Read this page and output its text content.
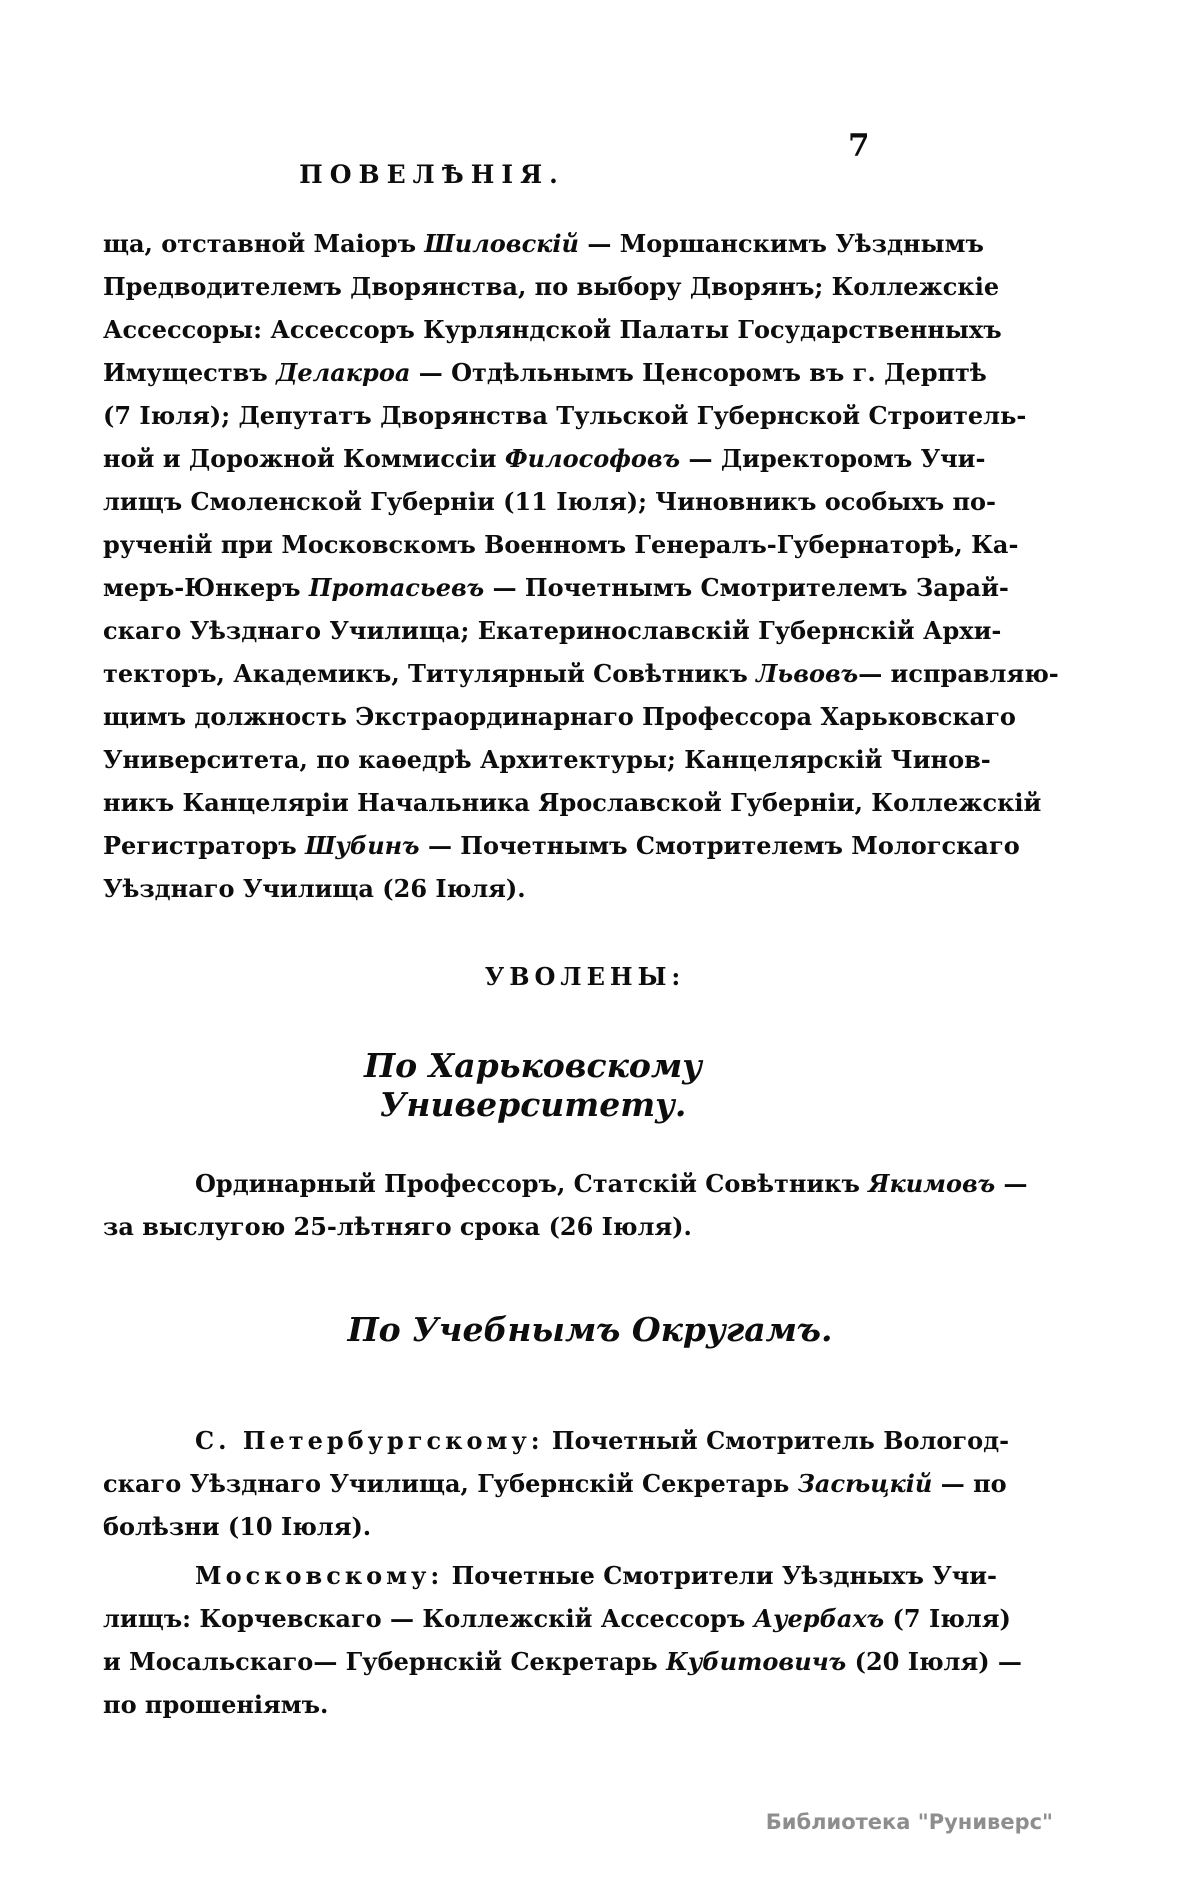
ПОВЕЛѢНІЯ.
7
ща, отставной Маіоръ Шиловскій — Моршанскимъ Уѣзднымъ
Предводителемъ Дворянства, по выбору Дворянъ; Коллежскіе
Ассессоры: Ассессоръ Курляндской Палаты Государственныхъ
Имуществъ Делакроа — Отдѣльнымъ Ценсоромъ въ г. Дерптѣ
(7 Іюля); Депутатъ Дворянства Тульской Губернской Строитель-
ной и Дорожной Коммиссіи Философовъ — Директоромъ Учи-
лищъ Смоленской Губерніи (11 Іюля); Чиновникъ особыхъ по-
рученій при Московскомъ Военномъ Генералъ-Губернаторѣ, Ка-
меръ-Юнкеръ Протасьевъ — Почетнымъ Смотрителемъ Зарай-
скаго Уѣзднаго Училища; Екатеринославскій Губернскій Архи-
текторъ, Академикъ, Титулярный Совѣтникъ Львовъ— исправляю-
щимъ должность Экстраординарнаго Профессора Харьковскаго
Университета, по каѳедрѣ Архитектуры; Канцелярскій Чинов-
никъ Канцеляріи Начальника Ярославской Губерніи, Коллежскій
Регистраторъ Шубинъ — Почетнымъ Смотрителемъ Мологскаго
Уѣзднаго Училища (26 Іюля).
УВОЛЕНЫ:
По Харьковскому Университету.
Ординарный Профессоръ, Статскій Совѣтникъ Якимовъ —
за выслугою 25-лѣтняго срока (26 Іюля).
По Учебнымъ Округамъ.
С. Петербургскому: Почетный Смотритель Вологод-
скаго Уѣзднаго Училища, Губернскій Секретарь Засѣцкій — по
болѣзни (10 Іюля).
Московскому: Почетные Смотрители Уѣздныхъ Учи-
лищъ: Корчевскаго — Коллежскій Ассессоръ Ауербахъ (7 Іюля)
и Мосальскаго— Губернскій Секретарь Кубитовичъ (20 Іюля) —
по прошеніямъ.
Библиотека "Руниверс"
